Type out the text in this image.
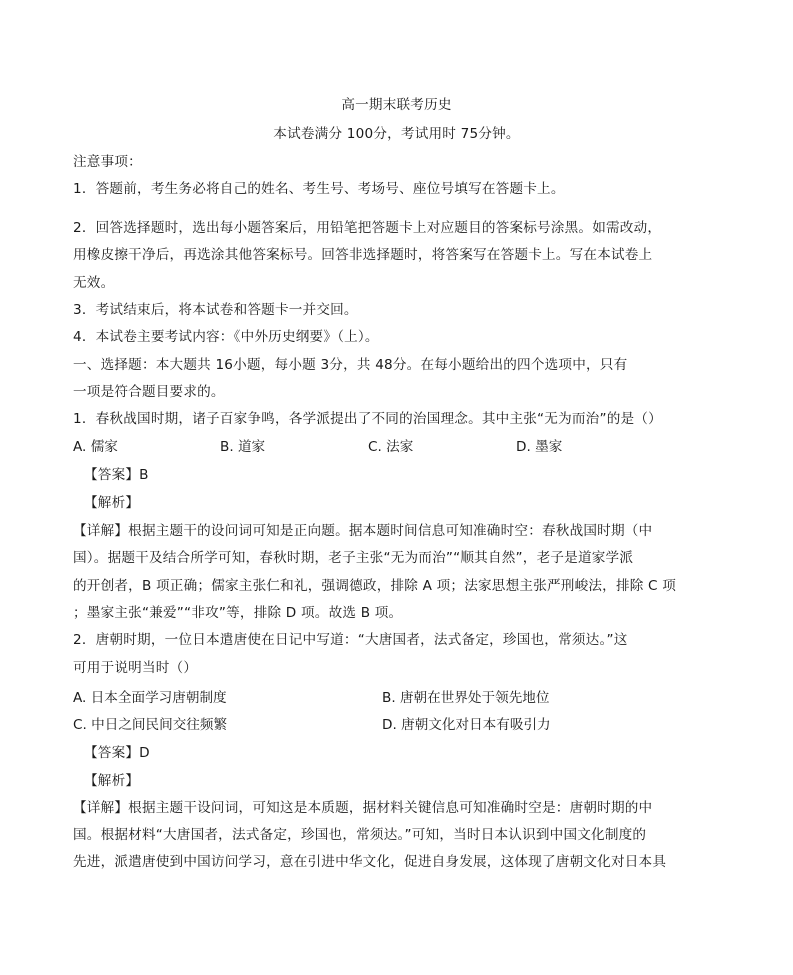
高一期末联考历史
本试卷满分 100分，考试用时 75分钟。
注意事项：
1．答题前，考生务必将自己的姓名、考生号、考场号、座位号填写在答题卡上。
2．回答选择题时，选出每小题答案后，用铅笔把答题卡上对应题目的答案标号涂黑。如需改动，
用橡皮擦干净后，再选涂其他答案标号。回答非选择题时，将答案写在答题卡上。写在本试卷上
无效。
3．考试结束后，将本试卷和答题卡一并交回。
4．本试卷主要考试内容：《中外历史纲要》（上）。
一、选择题：本大题共 16小题，每小题 3分，共 48分。在每小题给出的四个选项中，只有
一项是符合题目要求的。
1．春秋战国时期，诸子百家争鸣，各学派提出了不同的治国理念。其中主张“无为而治”的是（）
A. 儒家	B. 道家	C. 法家	D. 墨家
【答案】B
【解析】
【详解】根据主题干的设问词可知是正向题。据本题时间信息可知准确时空：春秋战国时期（中
国）。据题干及结合所学可知，春秋时期，老子主张“无为而治”“顺其自然”，老子是道家学派
的开创者，B 项正确；儒家主张仁和礼，强调德政，排除 A 项；法家思想主张严刑峻法，排除 C 项
；墨家主张“兼爱”“非攻”等，排除 D 项。故选 B 项。
2．唐朝时期，一位日本遣唐使在日记中写道：“大唐国者，法式备定，珍国也，常须达。”这
可用于说明当时（）
A. 日本全面学习唐朝制度	B. 唐朝在世界处于领先地位
C. 中日之间民间交往频繁	D. 唐朝文化对日本有吸引力
【答案】D
【解析】
【详解】根据主题干设问词，可知这是本质题，据材料关键信息可知准确时空是：唐朝时期的中
国。根据材料“大唐国者，法式备定，珍国也，常须达。”可知，当时日本认识到中国文化制度的
先进，派遣唐使到中国访问学习，意在引进中华文化，促进自身发展，这体现了唐朝文化对日本具
